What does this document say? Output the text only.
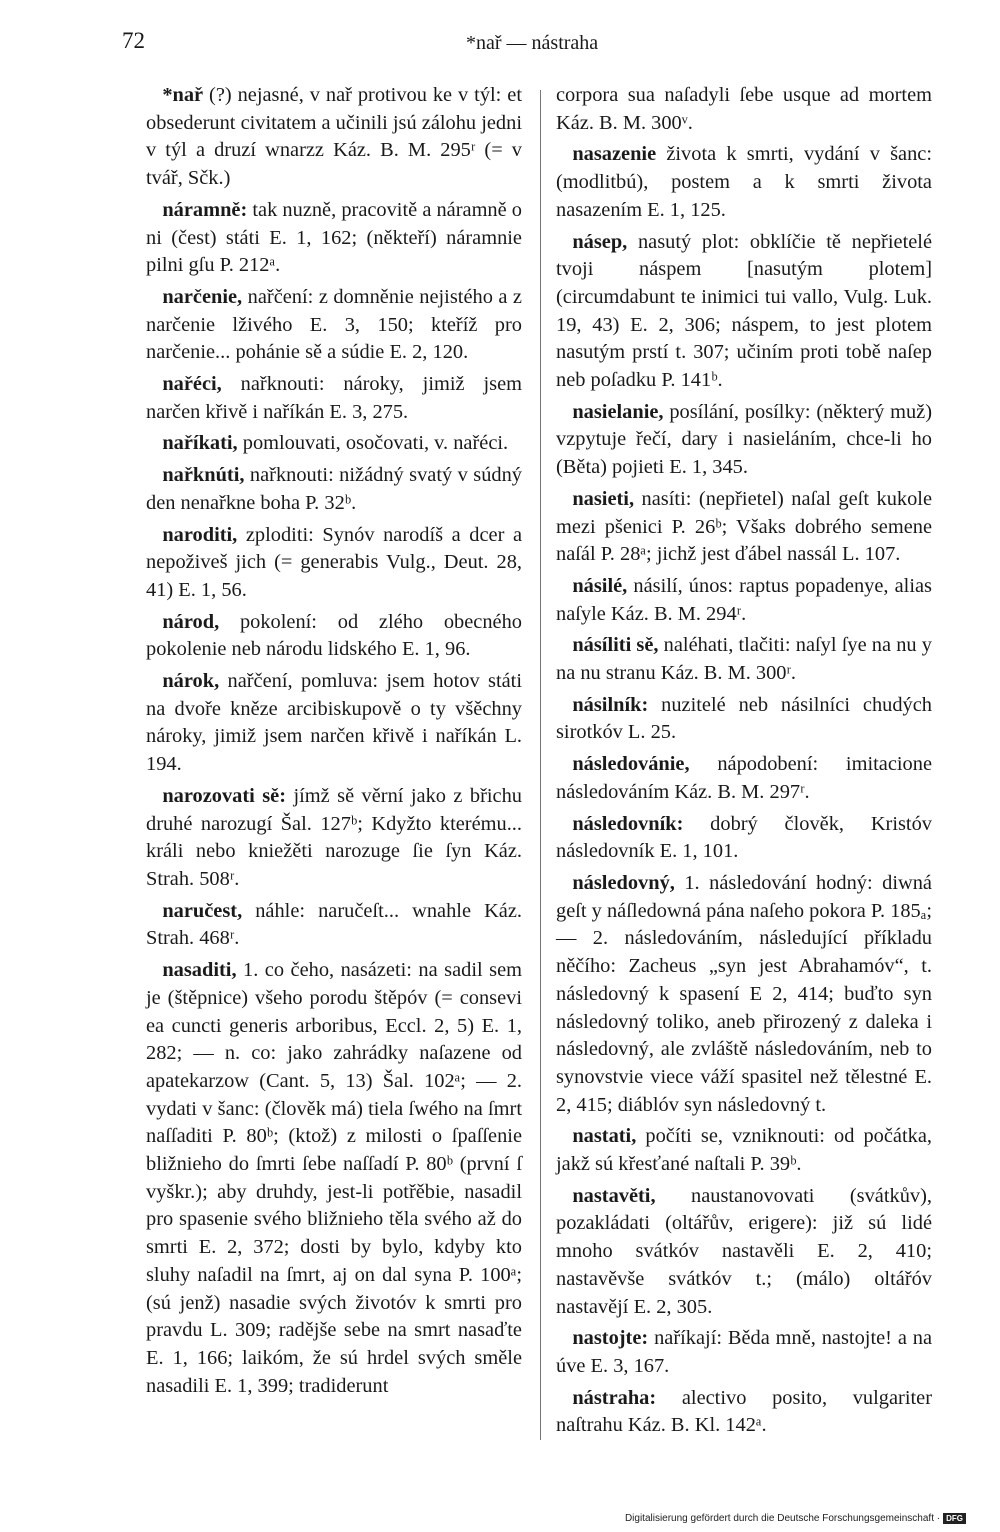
72	*nař — nástraha

*nař (?) nejasné, v nař protivou ke v týl: et obsederunt civitatem a učinili jsú zálohu jedni v týl a druzí wnarzz Káz. B. M. 295ʳ (= v tvář, Sčk.)

náramně: tak nuzně, pracovitě a náramně o ni (čest) státi E. 1, 162; (někteří) náramnie pilni gſu P. 212ᵃ.

narčenie, nařčení: z domněnie nejistého a z narčenie lživého E. 3, 150; kteříž pro narčenie... pohánie sě a súdie E. 2, 120.

nařéci, nařknouti: nároky, jimiž jsem narčen křivě i naříkán E. 3, 275.

naříkati, pomlouvati, osočovati, v. nařéci.

nařknúti, nařknouti: nižádný svatý v súdný den nenařkne boha P. 32ᵇ.

naroditi, zploditi: Synóv narodíš a dcer a nepoživeš jich (= generabis Vulg., Deut. 28, 41) E. 1, 56.

národ, pokolení: od zlého obecného pokolenie neb národu lidského E. 1, 96.

nárok, nařčení, pomluva: jsem hotov státi na dvoře kněze arcibiskupově o ty všěchny nároky, jimiž jsem narčen křivě i naříkán L. 194.

narozovati sě: jímž sě věrní jako z břichu druhé narozugí Šal. 127ᵇ; Kdyžto kterému... králi nebo kniežěti narozuge ſie ſyn Káz. Strah. 508ʳ.

naručest, náhle: naručeſt... wnahle Káz. Strah. 468ʳ.

nasaditi, 1. co čeho, nasázeti: na sadil sem je (štěpnice) všeho porodu štěpóv (= consevi ea cuncti generis arboribus, Eccl. 2, 5) E. 1, 282; — n. co: jako zahrádky naſazene od apatekarzow (Cant. 5, 13) Šal. 102ᵃ; — 2. vydati v šanc: (člověk má) tiela ſwého na ſmrt naſſaditi P. 80ᵇ; (ktož) z milosti o ſpaſſenie bližnieho do ſmrti ſebe naſſadí P. 80ᵇ (první ſ vyškr.); aby druhdy, jest-li potřěbie, nasadil pro spasenie svého bližnieho těla svého až do smrti E. 2, 372; dosti by bylo, kdyby kto sluhy naſadil na ſmrt, aj on dal syna P. 100ᵃ; (sú jenž) nasadie svých životóv k smrti pro pravdu L. 309; radějše sebe na smrt nasaďte E. 1, 166; laikóm, že sú hrdel svých směle nasadili E. 1, 399; tradiderunt

corpora sua naſadyli ſebe usque ad mortem Káz. B. M. 300ᵛ.

nasazenie života k smrti, vydání v šanc: (modlitbú), postem a k smrti života nasazením E. 1, 125.

násep, nasutý plot: obklíčie tě nepřietelé tvoji náspem [nasutým plotem] (circumdabunt te inimici tui vallo, Vulg. Luk. 19, 43) E. 2, 306; náspem, to jest plotem nasutým prstí t. 307; učiním proti tobě naſep neb poſadku P. 141ᵇ.

nasielanie, posílání, posílky: (některý muž) vzpytuje řečí, dary i nasieláním, chce-li ho (Běta) pojieti E. 1, 345.

nasieti, nasíti: (nepřietel) naſal geſt kukole mezi pšenici P. 26ᵇ; Všaks dobrého semene naſál P. 28ᵃ; jichž jest ďábel nassál L. 107.

násilé, násilí, únos: raptus popadenye, alias naſyle Káz. B. M. 294ʳ.

násíliti sě, naléhati, tlačiti: naſyl ſye na nu y na nu stranu Káz. B. M. 300ʳ.

násilník: nuzitelé neb násilníci chudých sirotkóv L. 25.

následovánie, nápodobení: imitacione následováním Káz. B. M. 297ʳ.

následovník: dobrý člověk, Kristóv následovník E. 1, 101.

následovný, 1. následování hodný: diwná geſt y náſledowná pána naſeho pokora P. 185ₐ; — 2. následováním, následující příkladu něčího: Zacheus „syn jest Abrahamóv“, t. následovný k spasení E 2, 414; buďto syn následovný toliko, aneb přirozený z daleka i následovný, ale zvláště následováním, neb to synovstvie viece váží spasitel než tělestné E. 2, 415; diáblóv syn následovný t.

nastati, počíti se, vzniknouti: od počátka, jakž sú křesťané naſtali P. 39ᵇ.

nastavěti, naustanovovati (svátkův), pozakládati (oltářův, erigere): již sú lidé mnoho svátkóv nastavěli E. 2, 410; nastavěvše svátkóv t.; (málo) oltářóv nastavějí E. 2, 305.

nastojte: naříkají: Běda mně, nastojte! a na úve E. 3, 167.

nástraha: alectivo posito, vulgariter naſtrahu Káz. B. Kl. 142ᵃ.

Digitalisierung gefördert durch die Deutsche Forschungsgemeinschaft · DFG
